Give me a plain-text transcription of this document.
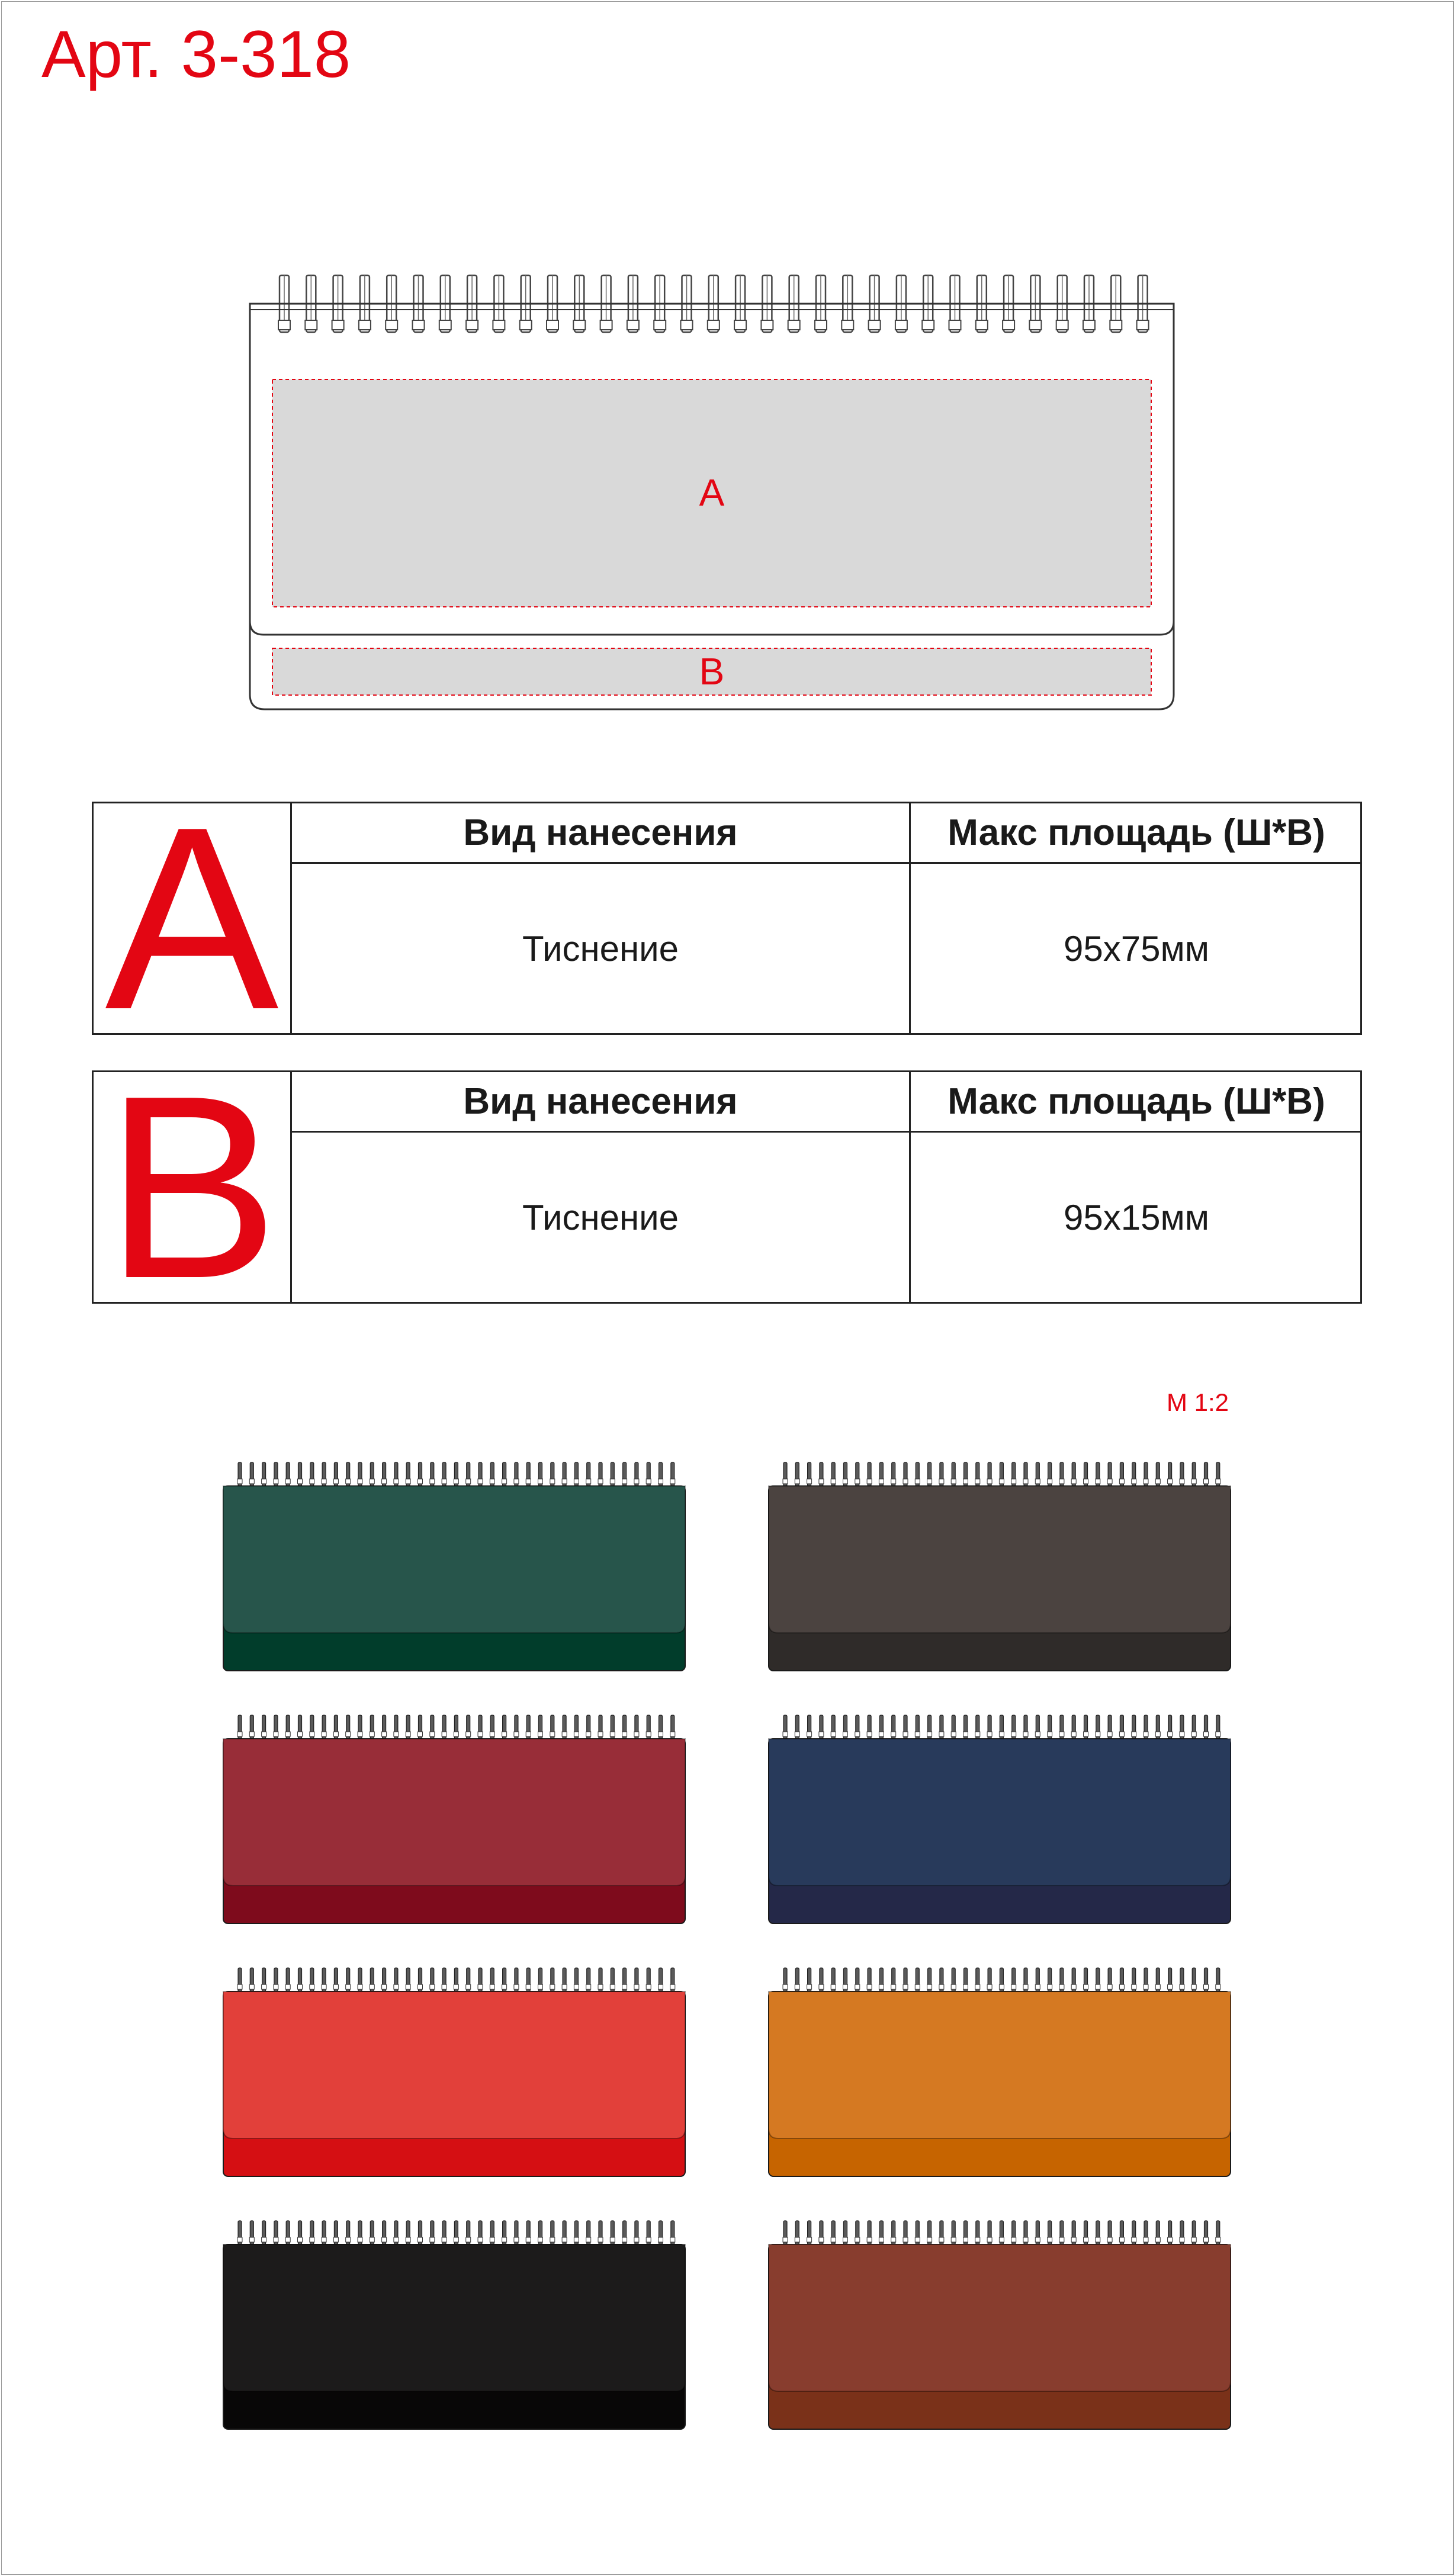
Арт. 3-318
A
B
A	Вид нанесения	Макс площадь (Ш*В)
Тиснение	95x75мм
B	Вид нанесения	Макс площадь (Ш*В)
Тиснение	95x15мм
M 1:2
